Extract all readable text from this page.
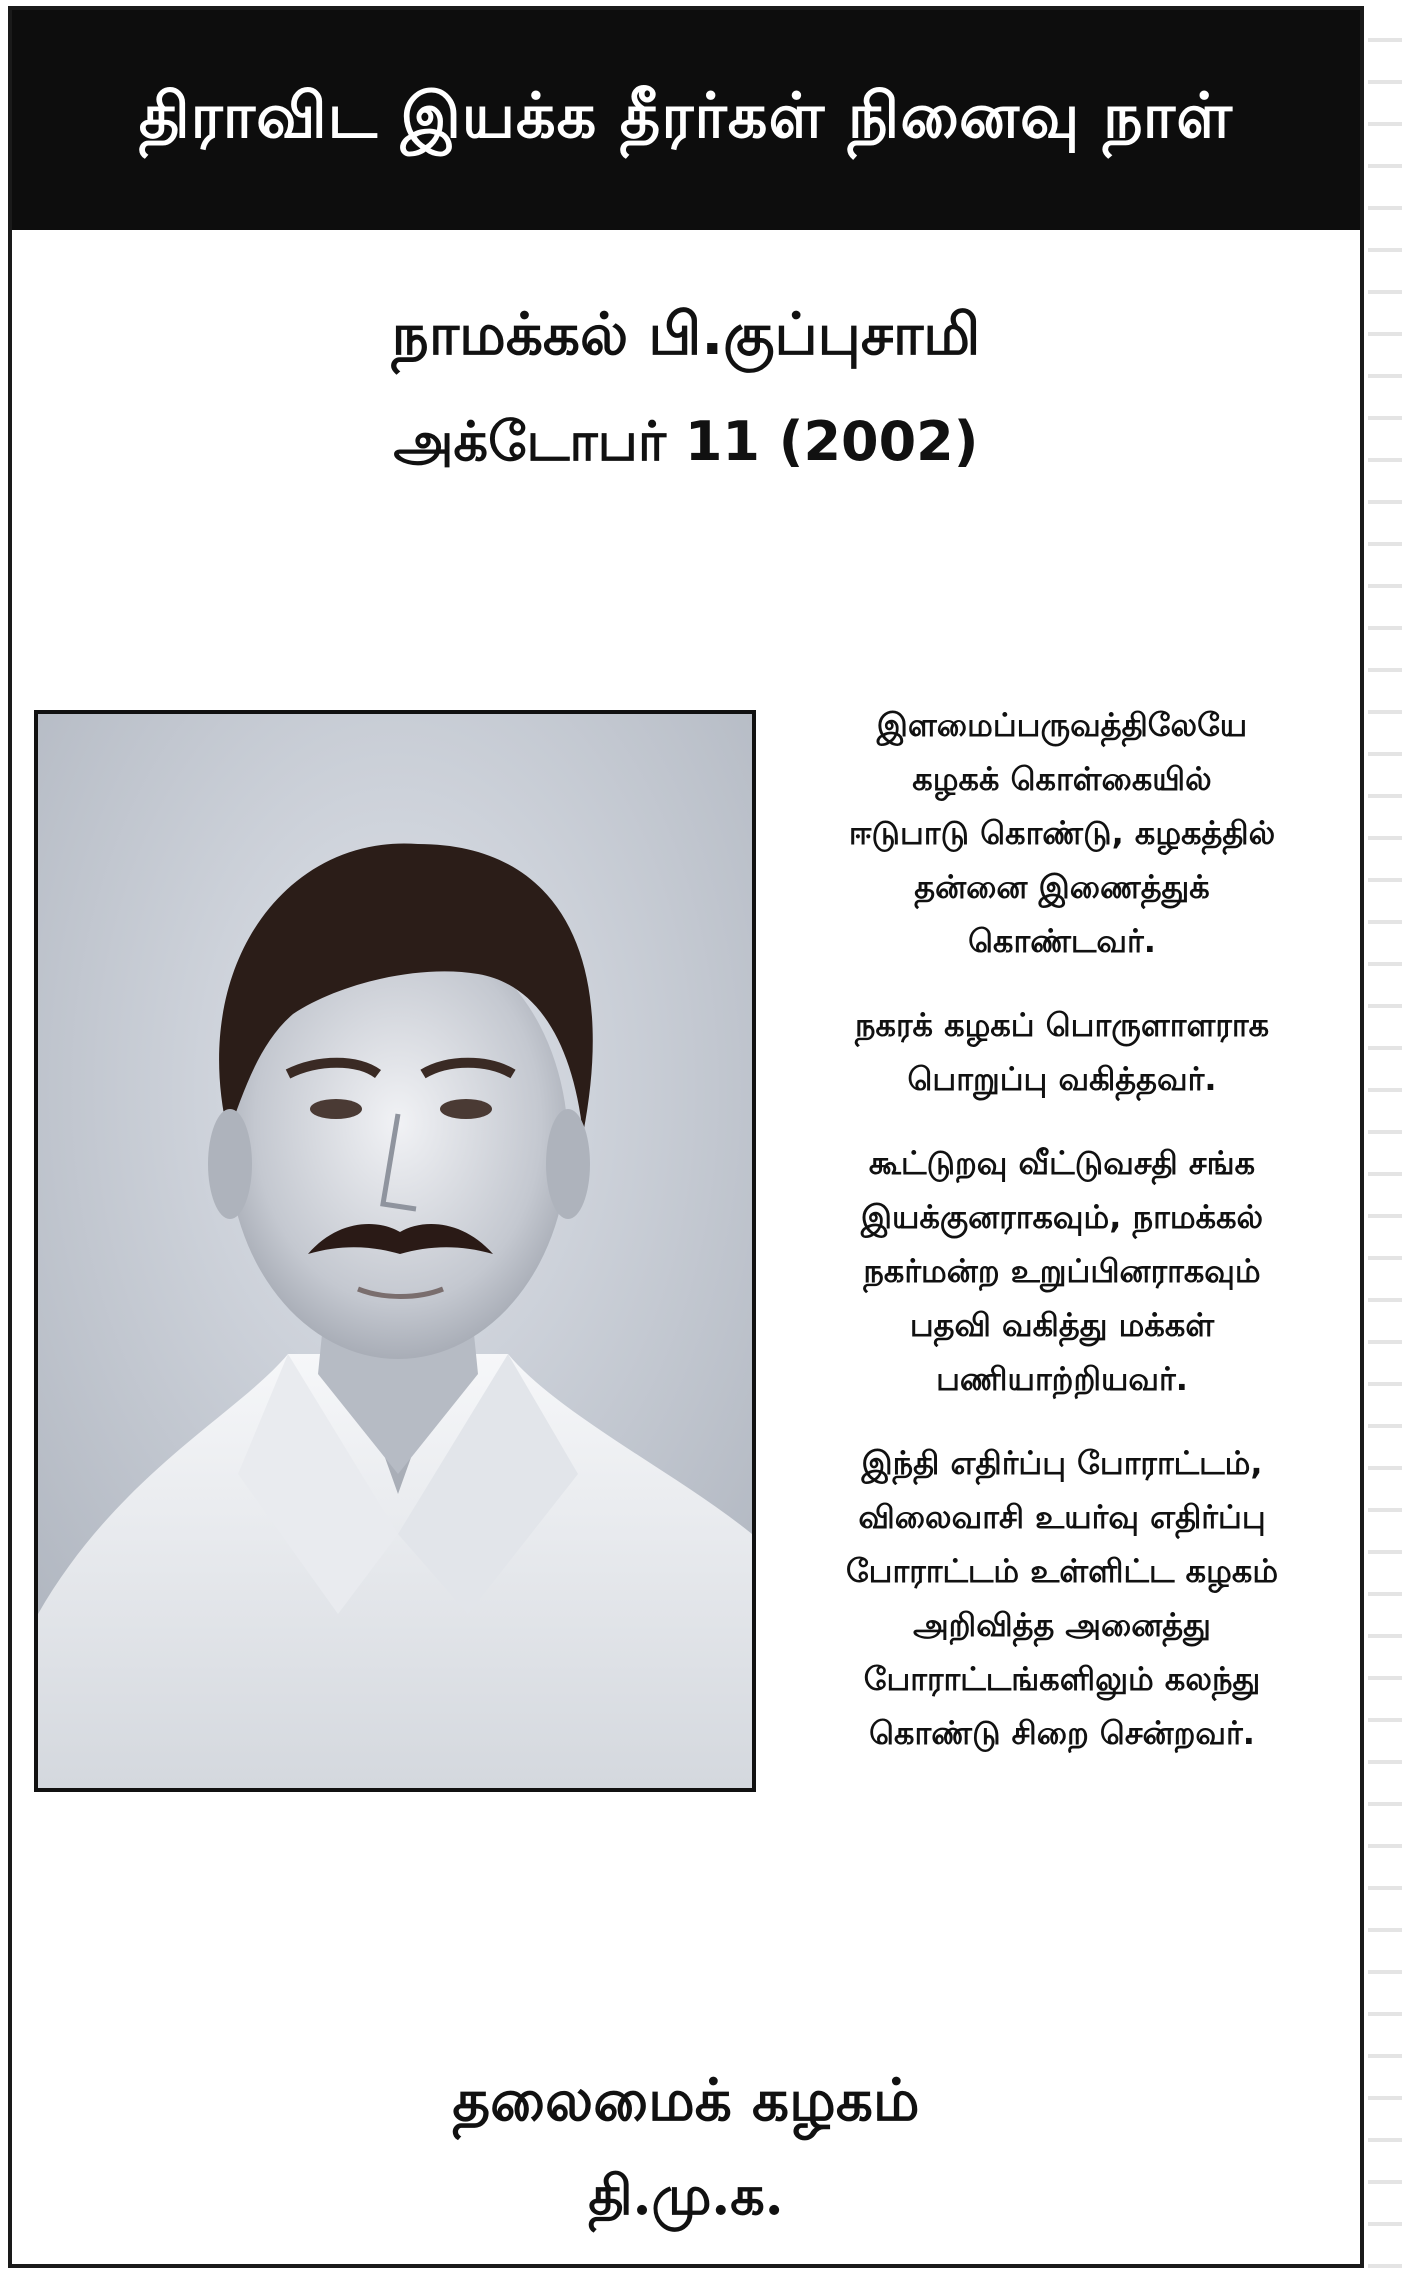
திராவிட இயக்க தீரர்கள் நினைவு நாள்
நாமக்கல் பி.குப்புசாமி
அக்டோபர் 11 (2002)

இளமைப்பருவத்திலேயே
கழகக் கொள்கையில்
ஈடுபாடு கொண்டு, கழகத்தில்
தன்னை இணைத்துக்
கொண்டவர்.

நகரக் கழகப் பொருளாளராக
பொறுப்பு வகித்தவர்.

கூட்டுறவு வீட்டுவசதி சங்க
இயக்குனராகவும், நாமக்கல்
நகர்மன்ற உறுப்பினராகவும்
பதவி வகித்து மக்கள்
பணியாற்றியவர்.

இந்தி எதிர்ப்பு போராட்டம்,
விலைவாசி உயர்வு எதிர்ப்பு
போராட்டம் உள்ளிட்ட கழகம்
அறிவித்த அனைத்து
போராட்டங்களிலும் கலந்து
கொண்டு சிறை சென்றவர்.

தலைமைக் கழகம்
தி.மு.க.
